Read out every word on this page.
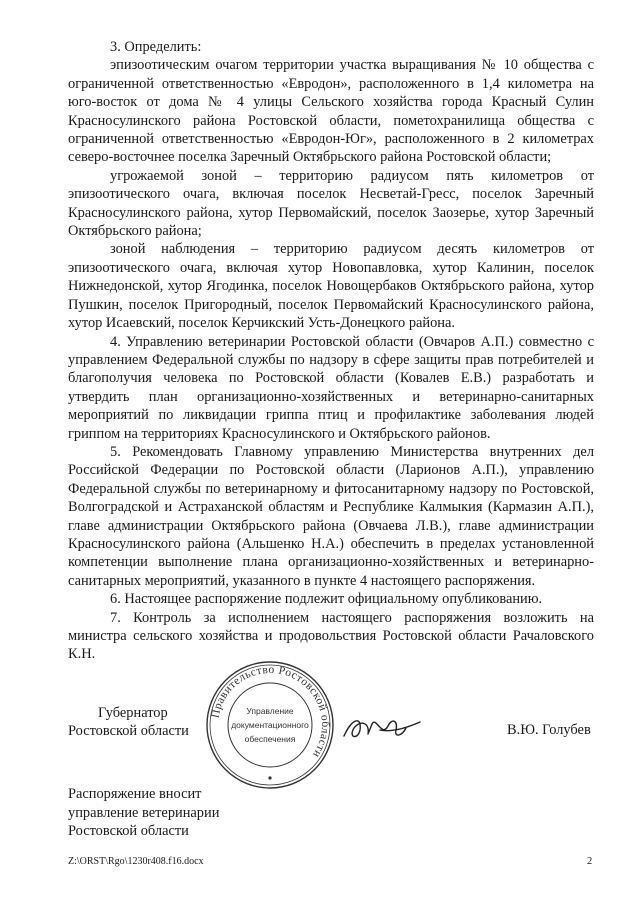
3. Определить:

эпизоотическим очагом территории участка выращивания № 10 общества с ограниченной ответственностью «Евродон», расположенного в 1,4 километра на юго-восток от дома № 4 улицы Сельского хозяйства города Красный Сулин Красносулинского района Ростовской области, пометохранилища общества с ограниченной ответственностью «Евродон-Юг», расположенного в 2 километрах северо-восточнее поселка Заречный Октябрьского района Ростовской области;

угрожаемой зоной – территорию радиусом пять километров от эпизоотического очага, включая поселок Несветай-Гресс, поселок Заречный Красносулинского района, хутор Первомайский, поселок Заозерье, хутор Заречный Октябрьского района;

зоной наблюдения – территорию радиусом десять километров от эпизоотического очага, включая хутор Новопавловка, хутор Калинин, поселок Нижнедонской, хутор Ягодинка, поселок Новощербаков Октябрьского района, хутор Пушкин, поселок Пригородный, поселок Первомайский Красносулинского района, хутор Исаевский, поселок Керчикский Усть-Донецкого района.

4. Управлению ветеринарии Ростовской области (Овчаров А.П.) совместно с управлением Федеральной службы по надзору в сфере защиты прав потребителей и благополучия человека по Ростовской области (Ковалев Е.В.) разработать и утвердить план организационно-хозяйственных и ветеринарно-санитарных мероприятий по ликвидации гриппа птиц и профилактике заболевания людей гриппом на территориях Красносулинского и Октябрьского районов.

5. Рекомендовать Главному управлению Министерства внутренних дел Российской Федерации по Ростовской области (Ларионов А.П.), управлению Федеральной службы по ветеринарному и фитосанитарному надзору по Ростовской, Волгоградской и Астраханской областям и Республике Калмыкия (Кармазин А.П.), главе администрации Октябрьского района (Овчаева Л.В.), главе администрации Красносулинского района (Альшенко Н.А.) обеспечить в пределах установленной компетенции выполнение плана организационно-хозяйственных и ветеринарно-санитарных мероприятий, указанного в пункте 4 настоящего распоряжения.

6. Настоящее распоряжение подлежит официальному опубликованию.

7. Контроль за исполнением настоящего распоряжения возложить на министра сельского хозяйства и продовольствия Ростовской области Рачаловского К.Н.

Губернатор
Ростовской области
Правительство Ростовской области
Управление
документационного
обеспечения
В.Ю. Голубев
Распоряжение вносит
управление ветеринарии
Ростовской области
Z:\ORST\Rgo\1230r408.f16.docx	2
